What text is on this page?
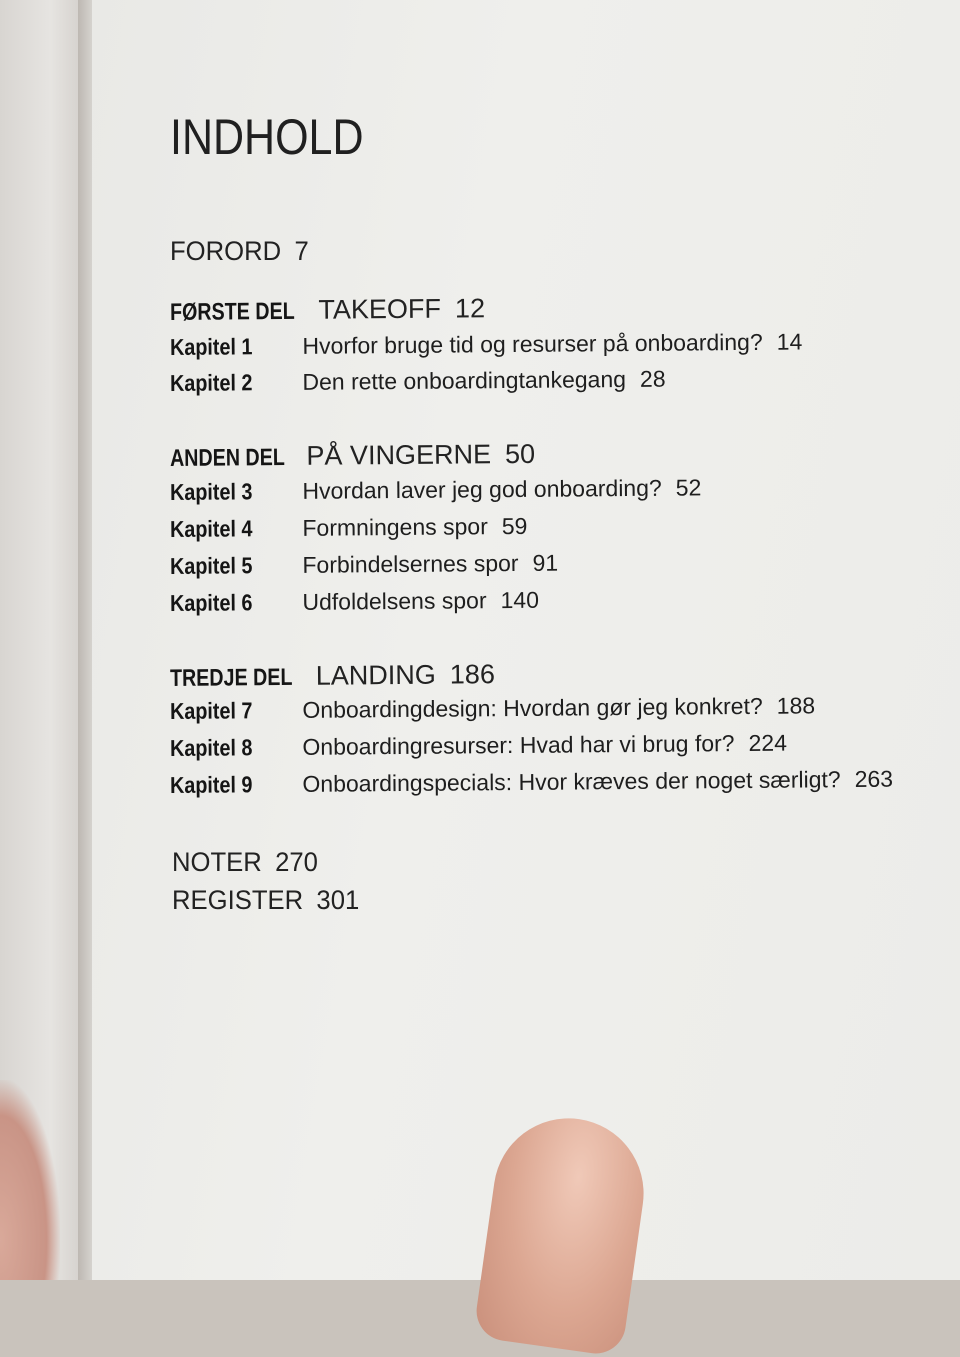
INDHOLD
FORORD 7
FØRSTE DEL TAKEOFF 12
Kapitel 1 Hvorfor bruge tid og resurser på onboarding? 14
Kapitel 2 Den rette onboardingtankegang 28
ANDEN DEL PÅ VINGERNE 50
Kapitel 3 Hvordan laver jeg god onboarding? 52
Kapitel 4 Formningens spor 59
Kapitel 5 Forbindelsernes spor 91
Kapitel 6 Udfoldelsens spor 140
TREDJE DEL LANDING 186
Kapitel 7 Onboardingdesign: Hvordan gør jeg konkret? 188
Kapitel 8 Onboardingresurser: Hvad har vi brug for? 224
Kapitel 9 Onboardingspecials: Hvor kræves der noget særligt? 263
NOTER 270
REGISTER 301
